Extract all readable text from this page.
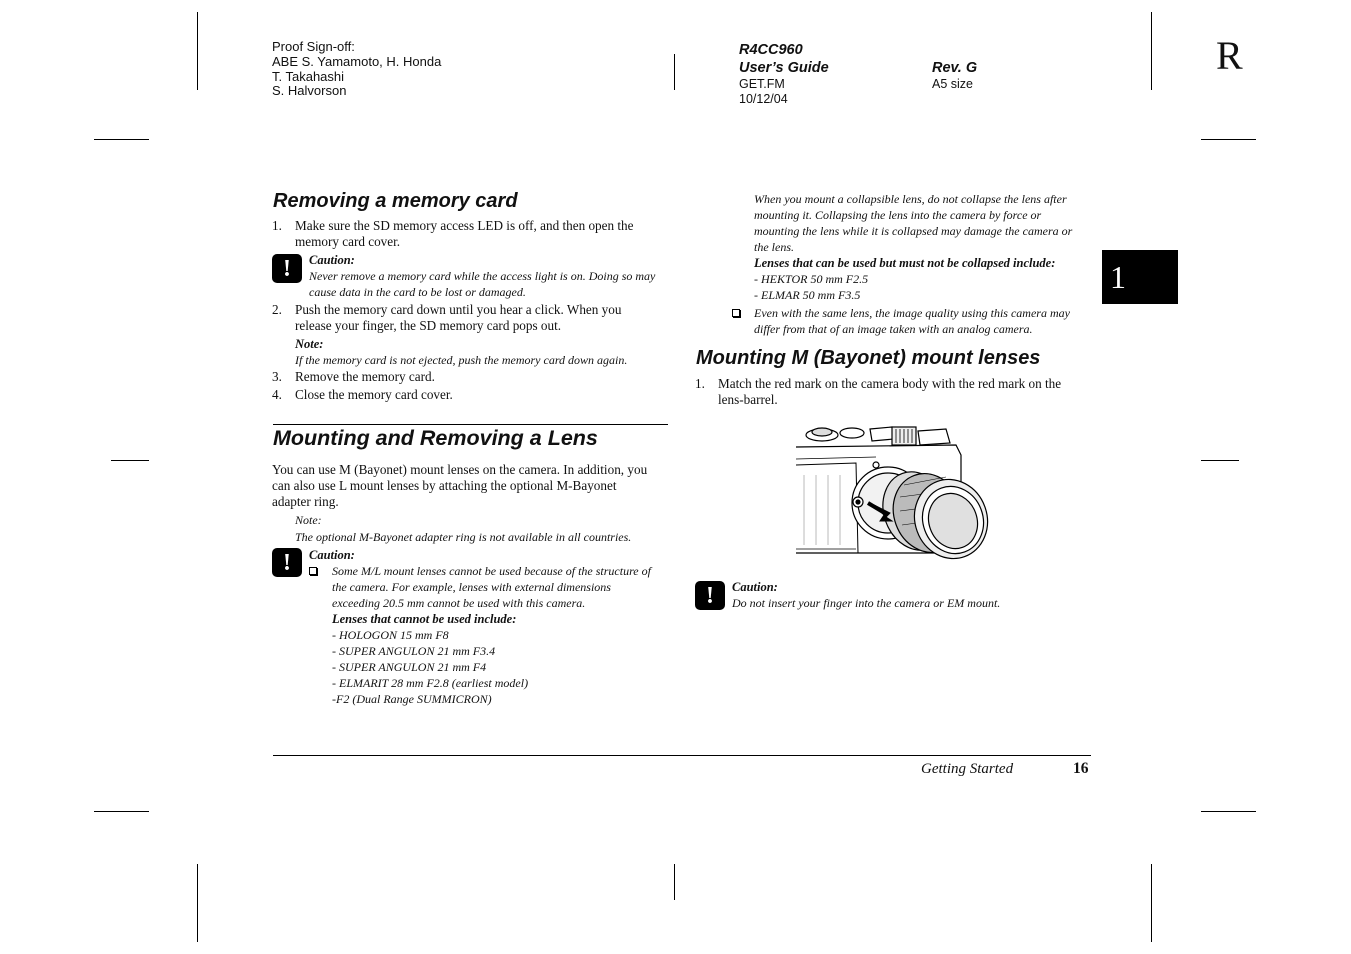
Proof Sign-off:
ABE S. Yamamoto, H. Honda
T. Takahashi
S. Halvorson
R4CC960
User’s Guide
GET.FM
10/12/04
Rev. G
A5 size
R
1
Removing a memory card
1. Make sure the SD memory access LED is off, and then open the
memory card cover.
! Caution:
Never remove a memory card while the access light is on. Doing so may
cause data in the card to be lost or damaged.
2. Push the memory card down until you hear a click. When you
release your finger, the SD memory card pops out.
Note:
If the memory card is not ejected, push the memory card down again.
3. Remove the memory card.
4. Close the memory card cover.
Mounting and Removing a Lens
You can use M (Bayonet) mount lenses on the camera. In addition, you
can also use L mount lenses by attaching the optional M-Bayonet
adapter ring.
Note:
The optional M-Bayonet adapter ring is not available in all countries.
! Caution:
Some M/L mount lenses cannot be used because of the structure of
the camera. For example, lenses with external dimensions
exceeding 20.5 mm cannot be used with this camera.
Lenses that cannot be used include:
- HOLOGON 15 mm F8
- SUPER ANGULON 21 mm F3.4
- SUPER ANGULON 21 mm F4
- ELMARIT 28 mm F2.8 (earliest model)
-F2 (Dual Range SUMMICRON)
When you mount a collapsible lens, do not collapse the lens after
mounting it. Collapsing the lens into the camera by force or
mounting the lens while it is collapsed may damage the camera or
the lens.
Lenses that can be used but must not be collapsed include:
- HEKTOR 50 mm F2.5
- ELMAR 50 mm F3.5
Even with the same lens, the image quality using this camera may
differ from that of an image taken with an analog camera.
Mounting M (Bayonet) mount lenses
1. Match the red mark on the camera body with the red mark on the
lens-barrel.
! Caution:
Do not insert your finger into the camera or EM mount.
Getting Started	16
